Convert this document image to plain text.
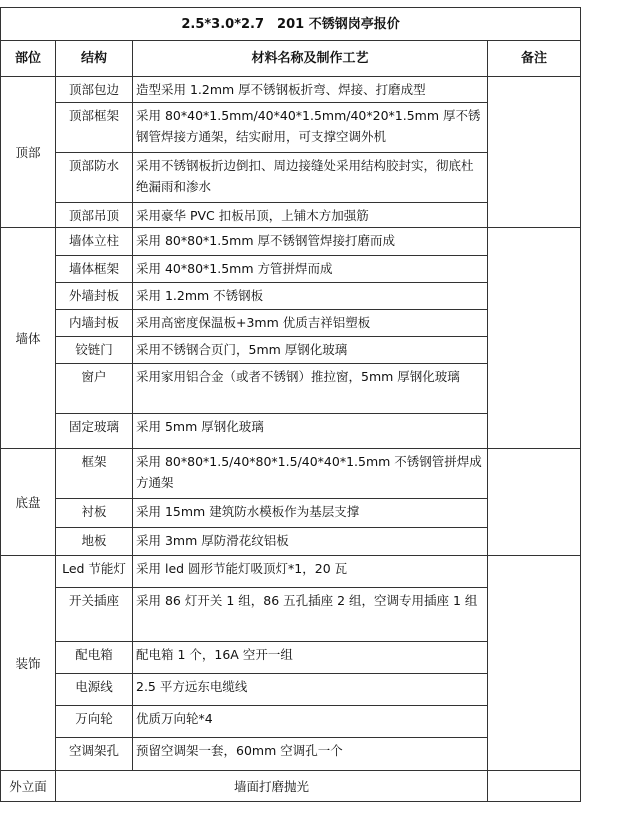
2.5*3.0*2.7　201 不锈钢岗亭报价			
部位	结构	材料名称及制作工艺	备注
顶部	顶部包边	造型采用 1.2mm 厚不锈钢板折弯、焊接、打磨成型	
	顶部框架	采用 80*40*1.5mm/40*40*1.5mm/40*20*1.5mm 厚不锈钢管焊接方通架，结实耐用，可支撑空调外机	
	顶部防水	采用不锈钢板折边倒扣、周边接缝处采用结构胶封实，彻底杜绝漏雨和渗水	
	顶部吊顶	采用豪华 PVC 扣板吊顶，上铺木方加强筋	
墙体	墙体立柱	采用 80*80*1.5mm 厚不锈钢管焊接打磨而成	
	墙体框架	采用 40*80*1.5mm 方管拼焊而成	
	外墙封板	采用 1.2mm 不锈钢板	
	内墙封板	采用高密度保温板+3mm 优质吉祥铝塑板	
	铰链门	采用不锈钢合页门，5mm 厚钢化玻璃	
	窗户	采用家用铝合金（或者不锈钢）推拉窗，5mm 厚钢化玻璃	
	固定玻璃	采用 5mm 厚钢化玻璃	
底盘	框架	采用 80*80*1.5/40*80*1.5/40*40*1.5mm 不锈钢管拼焊成方通架	
	衬板	采用 15mm 建筑防水模板作为基层支撑	
	地板	采用 3mm 厚防滑花纹铝板	
装饰	Led 节能灯	采用 led 圆形节能灯吸顶灯*1，20 瓦	
	开关插座	采用 86 灯开关 1 组，86 五孔插座 2 组，空调专用插座 1 组	
	配电箱	配电箱 1 个，16A 空开一组	
	电源线	2.5 平方远东电缆线	
	万向轮	优质万向轮*4	
	空调架孔	预留空调架一套，60mm 空调孔一个	
外立面	墙面打磨抛光		
